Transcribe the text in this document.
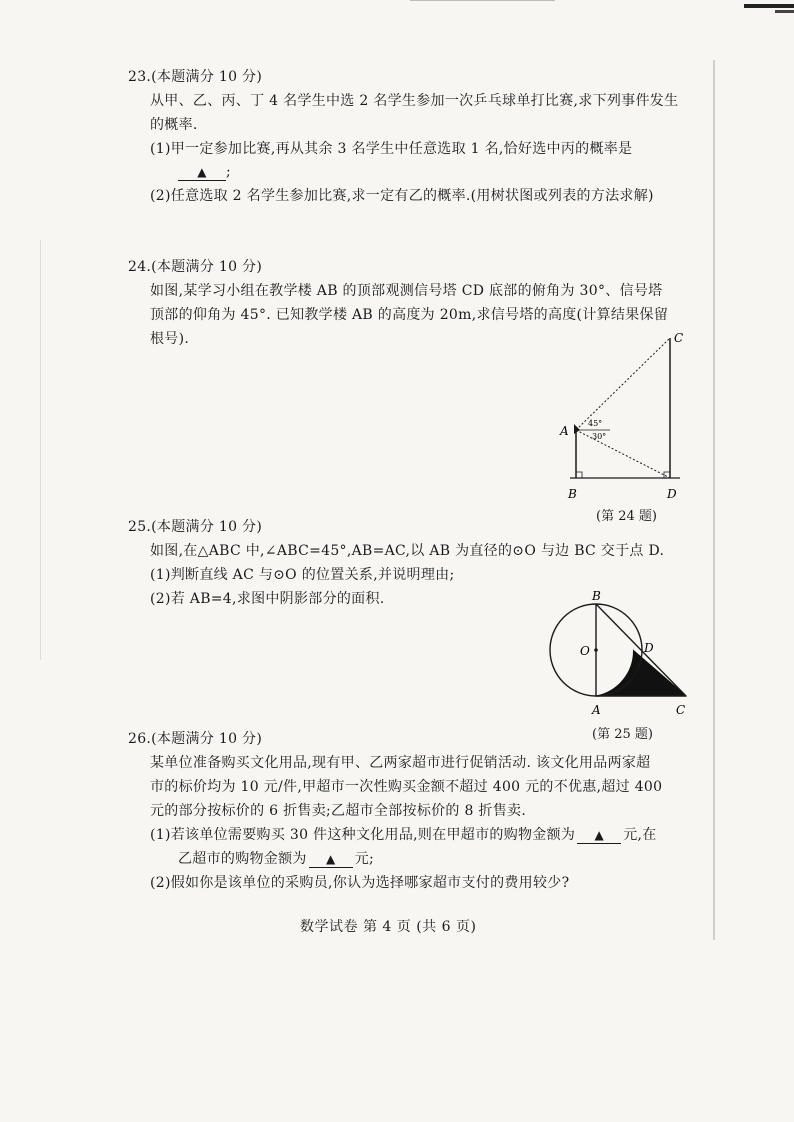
23.(本题满分 10 分)
从甲、乙、丙、丁 4 名学生中选 2 名学生参加一次乒乓球单打比赛,求下列事件发生
的概率.
(1)甲一定参加比赛,再从其余 3 名学生中任意选取 1 名,恰好选中丙的概率是
▲ ;
(2)任意选取 2 名学生参加比赛,求一定有乙的概率.(用树状图或列表的方法求解)
24.(本题满分 10 分)
如图,某学习小组在教学楼 AB 的顶部观测信号塔 CD 底部的俯角为 30°、信号塔
顶部的仰角为 45°. 已知教学楼 AB 的高度为 20m,求信号塔的高度(计算结果保留
根号).
45°
30°
A
B
C
D
(第 24 题)
25.(本题满分 10 分)
如图,在△ABC 中,∠ABC=45°,AB=AC,以 AB 为直径的⊙O 与边 BC 交于点 D.
(1)判断直线 AC 与⊙O 的位置关系,并说明理由;
(2)若 AB=4,求图中阴影部分的面积.
O
B
D
A	C
(第 25 题)
26.(本题满分 10 分)
某单位准备购买文化用品,现有甲、乙两家超市进行促销活动. 该文化用品两家超
市的标价均为 10 元/件,甲超市一次性购买金额不超过 400 元的不优惠,超过 400
元的部分按标价的 6 折售卖;乙超市全部按标价的 8 折售卖.
(1)若该单位需要购买 30 件这种文化用品,则在甲超市的购物金额为 ▲ 元,在
乙超市的购物金额为 ▲ 元;
(2)假如你是该单位的采购员,你认为选择哪家超市支付的费用较少?
数学试卷 第 4 页 (共 6 页)
